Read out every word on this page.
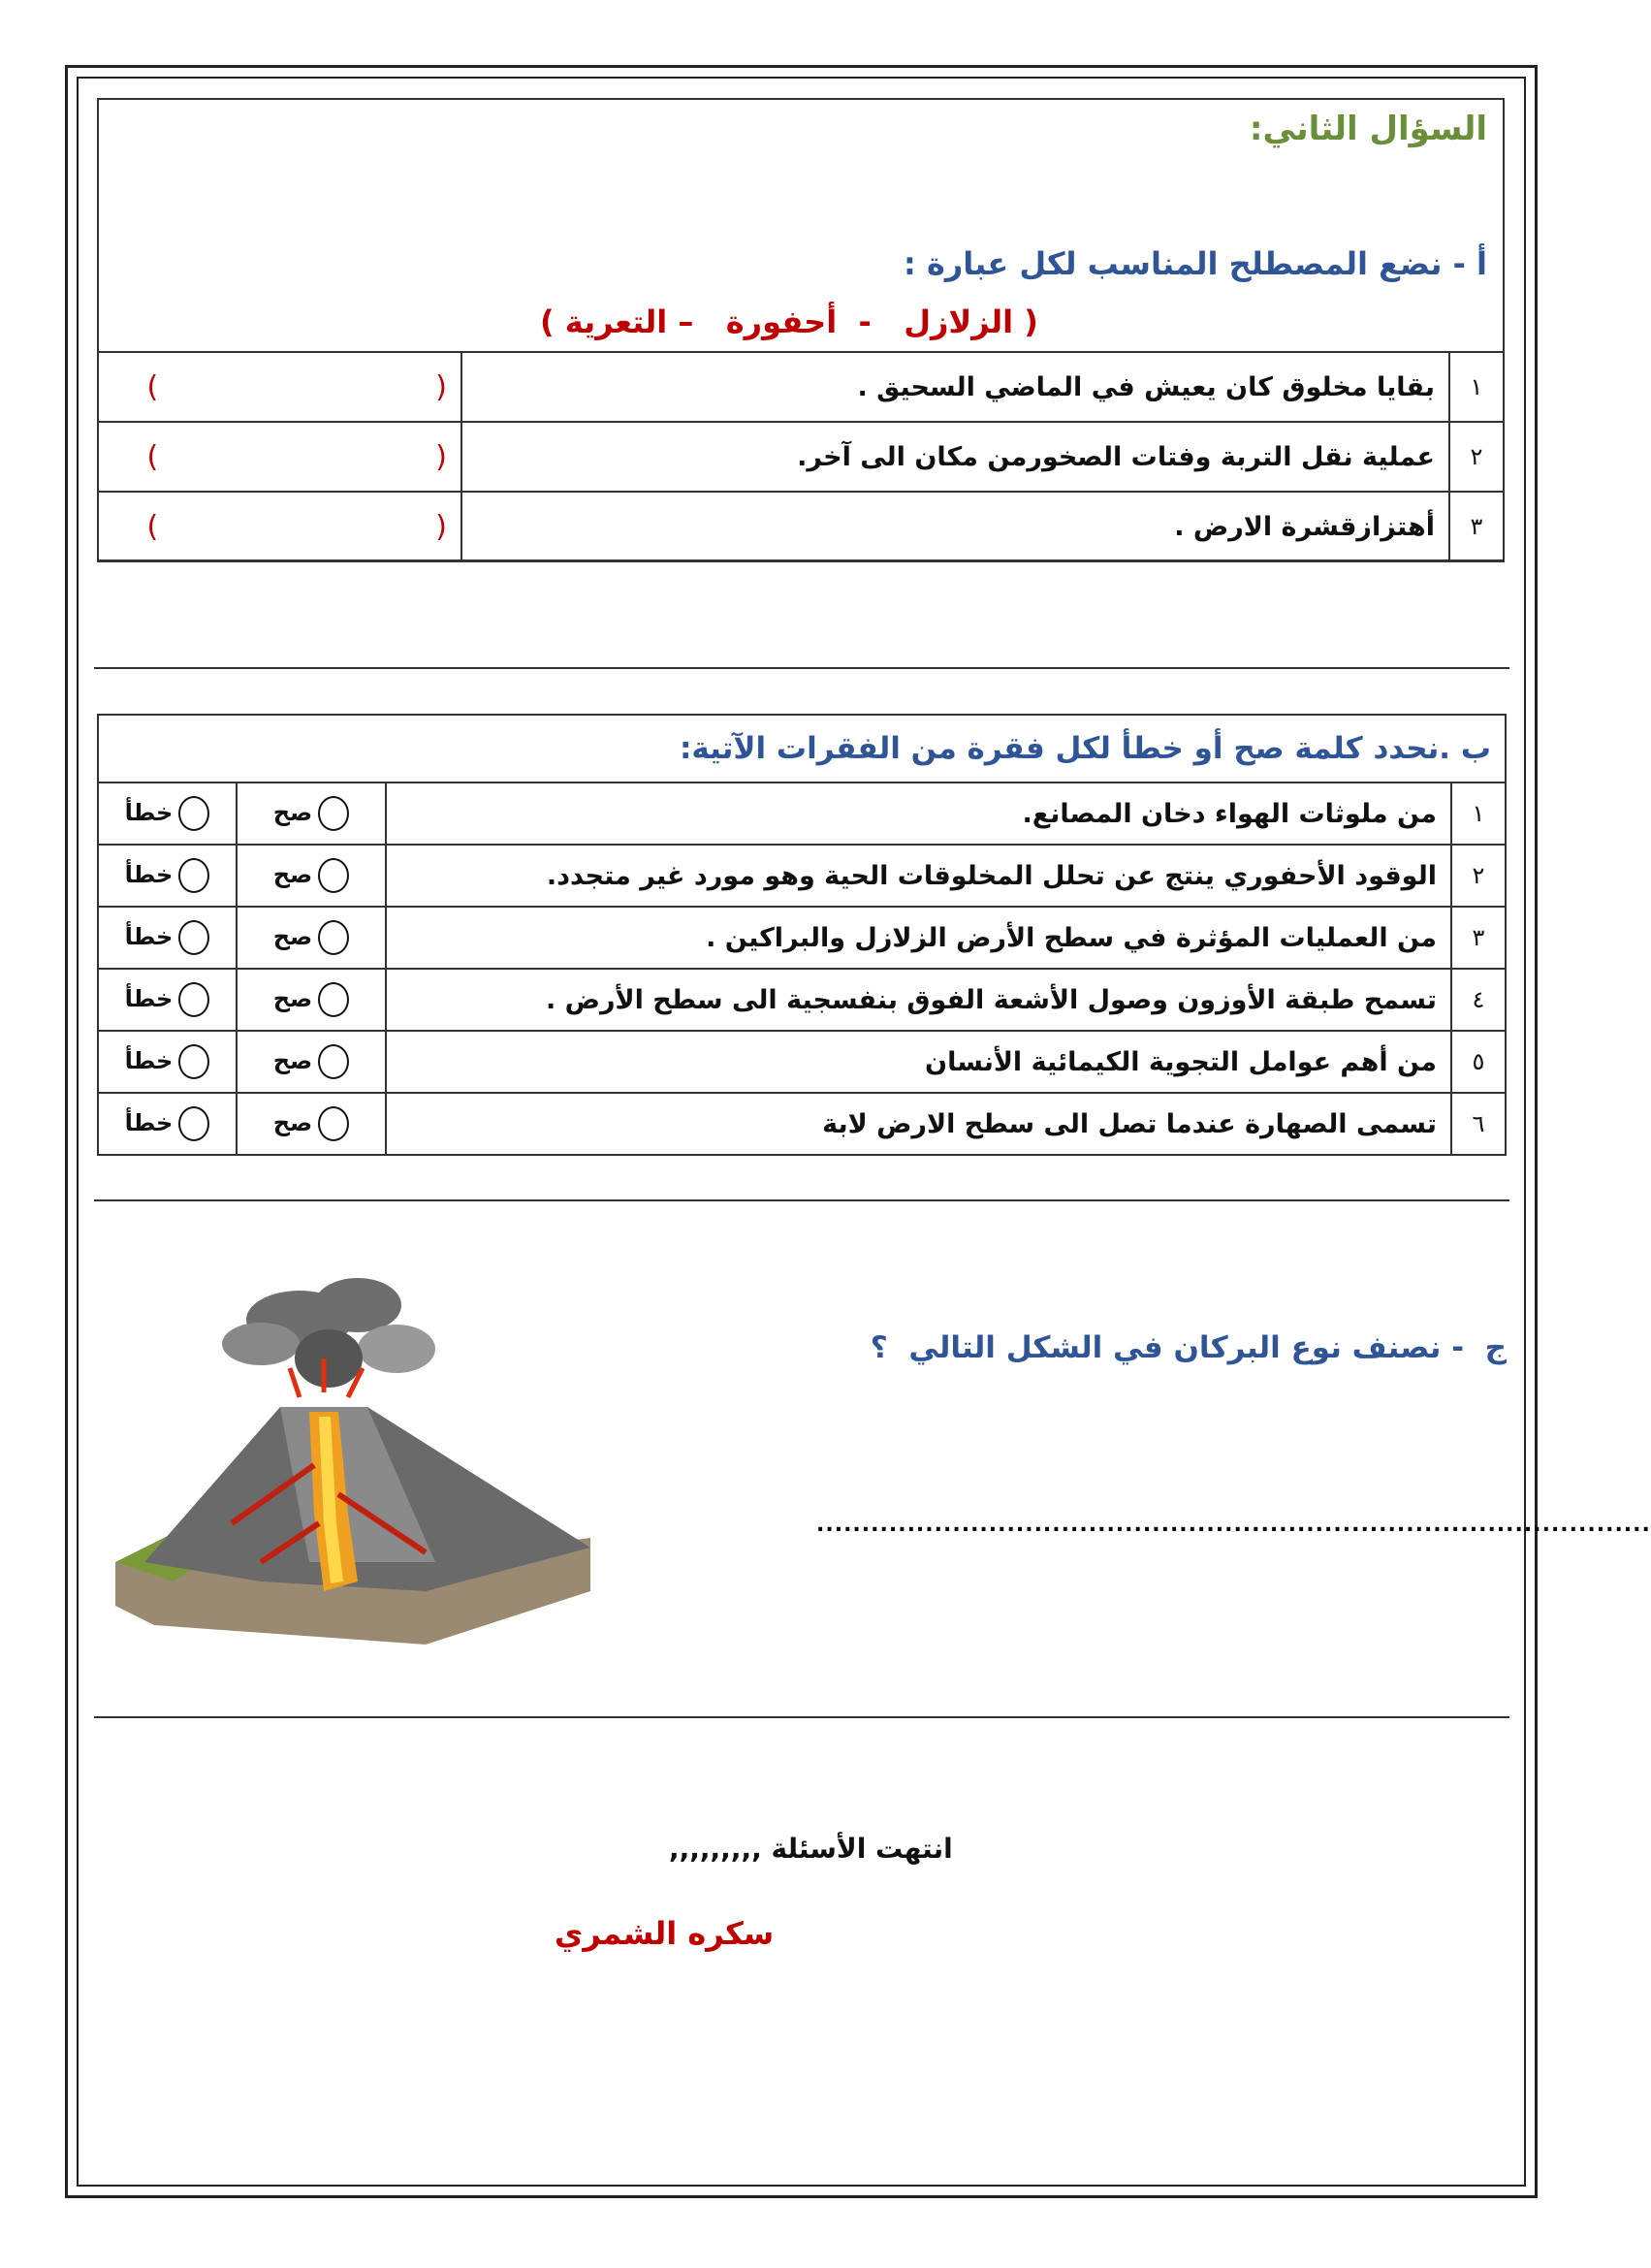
السؤال الثاني:
أ - نضع المصطلح المناسب لكل عبارة :
( الزلازل   -  أحفورة   – التعرية )
١	بقايا مخلوق كان يعيش في الماضي السحيق .	(                              )
٢	عملية نقل التربة وفتات الصخورمن مكان الى آخر.	(                              )
٣	أهتزازقشرة الارض .	(                              )
ب .نحدد كلمة صح أو خطأ لكل فقرة من الفقرات الآتية:			
١	من ملوثات الهواء دخان المصانع.	صح	خطأ
٢	الوقود الأحفوري ينتج عن تحلل المخلوقات الحية وهو مورد غير متجدد.	صح	خطأ
٣	من العمليات المؤثرة في سطح الأرض الزلازل والبراكين .	صح	خطأ
٤	تسمح طبقة الأوزون وصول الأشعة الفوق بنفسجية الى سطح الأرض .	صح	خطأ
٥	من أهم عوامل التجوية الكيمائية الأنسان	صح	خطأ
٦	تسمى الصهارة عندما تصل الى سطح الارض لابة	صح	خطأ
ج  - نصنف نوع البركان في الشكل التالي  ؟
............................................................................................
انتهت الأسئلة ,,,,,,,,,
سكره الشمري
